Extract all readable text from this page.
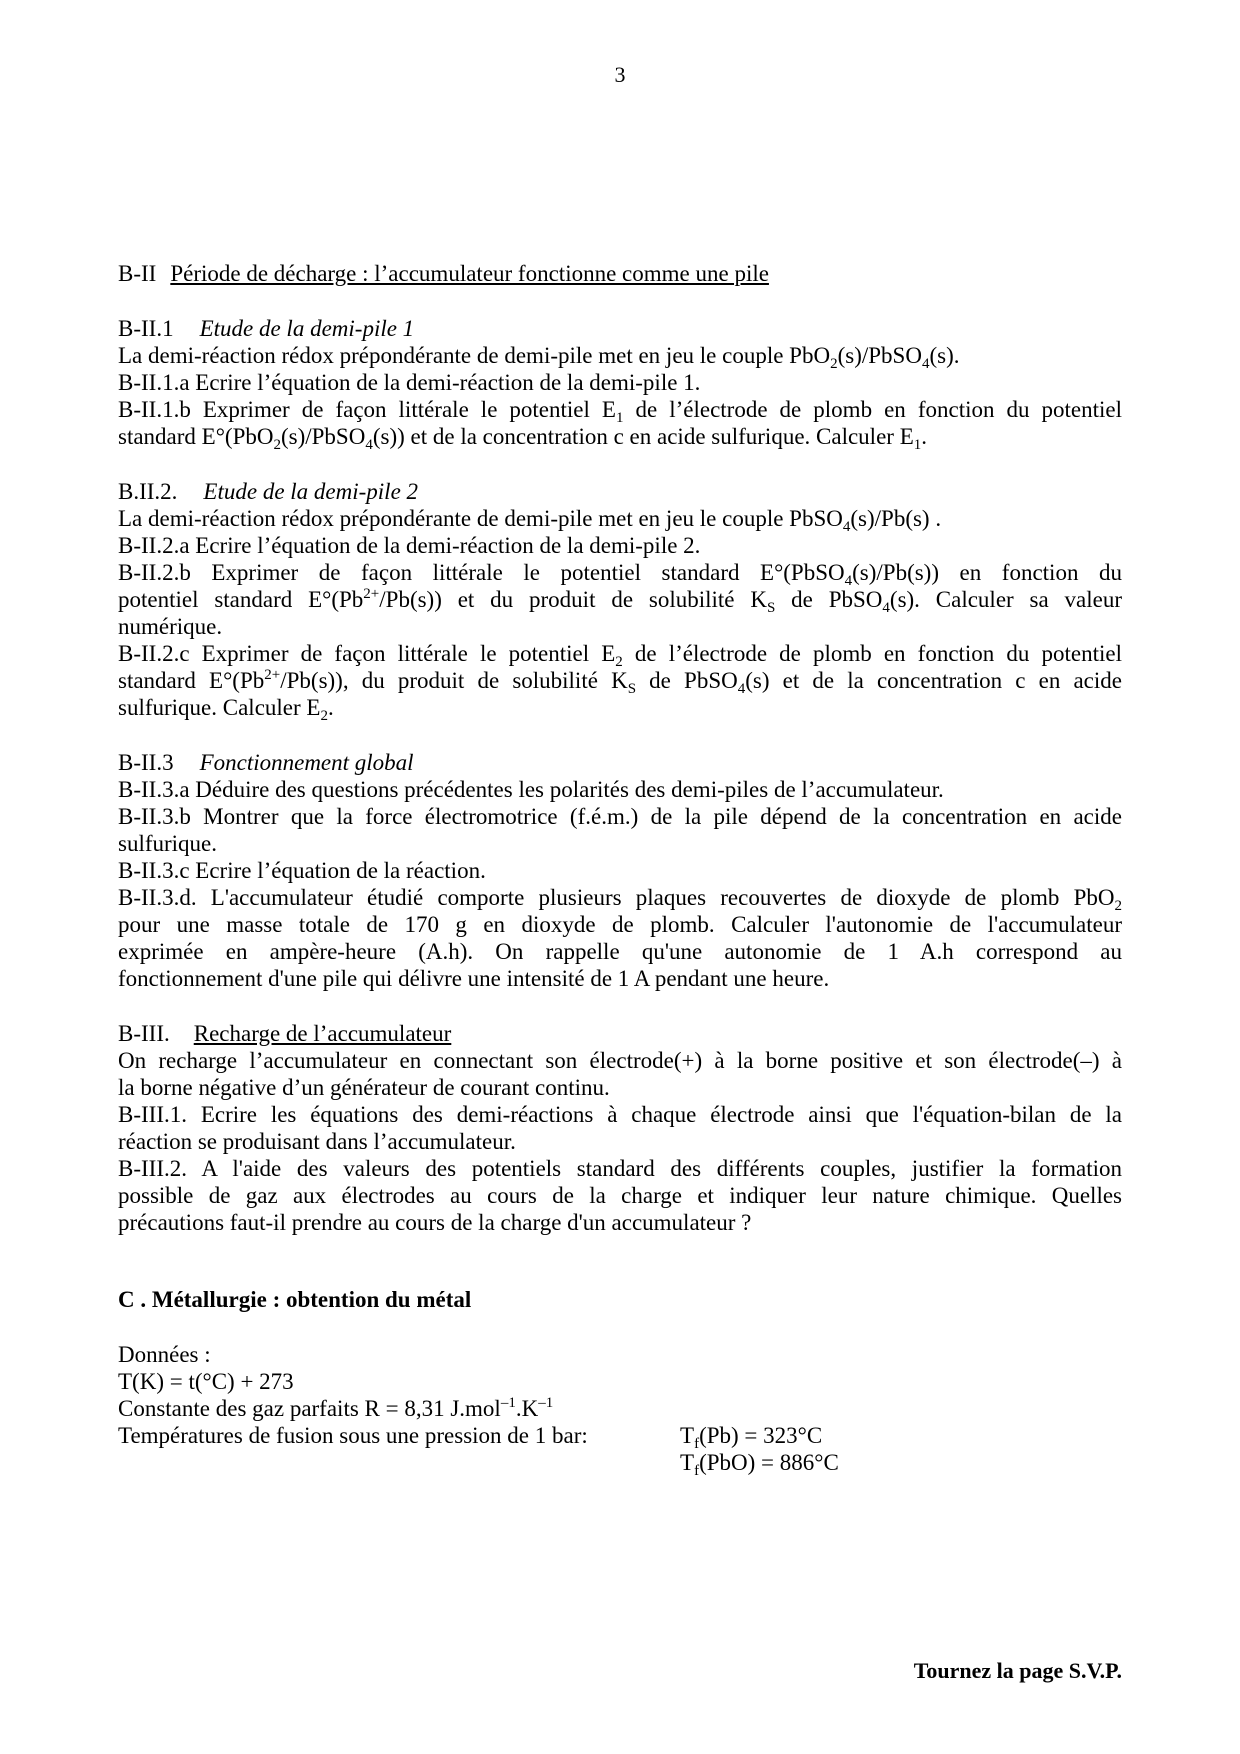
3
B-II Période de décharge : l’accumulateur fonctionne comme une pile
B-II.1 Etude de la demi-pile 1
La demi-réaction rédox prépondérante de demi-pile met en jeu le couple PbO$_2$(s)/PbSO$_4$(s).
B-II.1.a Ecrire l’équation de la demi-réaction de la demi-pile 1.
B-II.1.b Exprimer de façon littérale le potentiel $E_1$ de l’électrode de plomb en fonction du potentiel
standard E°(PbO$_2$(s)/PbSO$_4$(s)) et de la concentration c en acide sulfurique. Calculer $E_1$.
B.II.2. Etude de la demi-pile 2
La demi-réaction rédox prépondérante de demi-pile met en jeu le couple PbSO$_4$(s)/Pb(s) .
B-II.2.a Ecrire l’équation de la demi-réaction de la demi-pile 2.
B-II.2.b Exprimer de façon littérale le potentiel standard E°(PbSO$_4$(s)/Pb(s)) en fonction du
potentiel standard $E^\circ(Pb^{2+}/Pb(s))$ et du produit de solubilité $K_S$ de PbSO$_4$(s). Calculer sa valeur
numérique.
B-II.2.c Exprimer de façon littérale le potentiel $E_2$ de l’électrode de plomb en fonction du potentiel
standard $E^\circ(Pb^{2+}/Pb(s))$, du produit de solubilité $K_S$ de PbSO$_4$(s) et de la concentration c en acide
sulfurique. Calculer $E_2$.
B-II.3 Fonctionnement global
B-II.3.a Déduire des questions précédentes les polarités des demi-piles de l’accumulateur.
B-II.3.b Montrer que la force électromotrice (f.é.m.) de la pile dépend de la concentration en acide
sulfurique.
B-II.3.c Ecrire l’équation de la réaction.
B-II.3.d. L'accumulateur étudié comporte plusieurs plaques recouvertes de dioxyde de plomb PbO$_2$
pour une masse totale de 170 g en dioxyde de plomb. Calculer l'autonomie de l'accumulateur
exprimée en ampère-heure (A.h). On rappelle qu'une autonomie de 1 A.h correspond au
fonctionnement d'une pile qui délivre une intensité de 1 A pendant une heure.
B-III. Recharge de l’accumulateur
On recharge l’accumulateur en connectant son électrode(+) à la borne positive et son électrode(–) à
la borne négative d’un générateur de courant continu.
B-III.1. Ecrire les équations des demi-réactions à chaque électrode ainsi que l'équation-bilan de la
réaction se produisant dans l’accumulateur.
B-III.2. A l'aide des valeurs des potentiels standard des différents couples, justifier la formation
possible de gaz aux électrodes au cours de la charge et indiquer leur nature chimique. Quelles
précautions faut-il prendre au cours de la charge d'un accumulateur ?
C . Métallurgie : obtention du métal
Données :
T(K) = t(°C) + 273
Constante des gaz parfaits R = 8,31 $J.mol^{-1}.K^{-1}$
Températures de fusion sous une pression de 1 bar:	$T_f(Pb) = 323^\circ C$
$T_f(PbO) = 886^\circ C$
Tournez la page S.V.P.
